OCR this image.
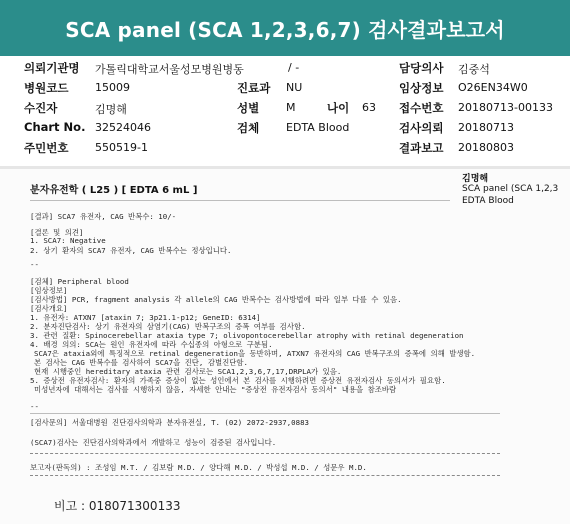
SCA panel (SCA 1,2,3,6,7) 검사결과보고서
의뢰기관명 가톨릭대학교서울성모병원병동	/ -	담당의사 김중석
병원코드 15009	진료과 NU	임상정보 O26EN34W0
수진자	김명해	성별 M	나이 63 접수번호 20180713-00133
Chart No. 32524046	검체 EDTA Blood	검사의뢰 20180713
주민번호 550519-1	결과보고 20180803
분자유전학 ( L25 ) [ EDTA 6 mL ]
김명해
SCA panel (SCA 1,2,3
EDTA Blood
[결과] SCA7 유전자, CAG 반복수: 10/-
[결론 및 의견]
1. SCA7: Negative
2. 상기 환자의 SCA7 유전자, CAG 반복수는 정상입니다.
--
[검체] Peripheral blood
[임상정보]
[검사방법] PCR, fragment analysis 각 allele의 CAG 반복수는 검사방법에 따라 일부 다를 수 있음.
[검사개요]
1. 유전자: ATXN7 [ataxin 7; 3p21.1-p12; GeneID: 6314]
2. 분자진단검사: 상기 유전자의 삼염기(CAG) 반복구조의 증폭 여부를 검사함.
3. 관련 질환: Spinocerebellar ataxia type 7; olivopontocerebellar atrophy with retinal degeneration
4. 배경 의의: SCA는 원인 유전자에 따라 수십종의 아형으로 구분됨.
SCA7은 ataxia외에 특징적으로 retinal degeneration을 동반하며, ATXN7 유전자의 CAG 반복구조의 증폭에 의해 발생함.
본 검사는 CAG 반복수를 검사하여 SCA7을 진단, 감별진단함.
현재 시행중인 hereditary ataxia 관련 검사로는 SCA1,2,3,6,7,17,DRPLA가 있음.
5. 증상전 유전자검사: 환자의 가족중 증상이 없는 성인에서 본 검사를 시행하려면 증상전 유전자검사 동의서가 필요함.
미성년자에 대해서는 검사를 시행하지 않음, 자세한 안내는 "증상전 유전자검사 동의서" 내용을 참조바람
--
[검사문의] 서울대병원 진단검사의학과 분자유전실, T. (02) 2072-2937,0883
(SCA7)검사는 진단검사의학과에서 개발하고 성능이 검증된 검사입니다.
보고자(판독의) : 조성임 M.T. / 김보람 M.D. / 양다해 M.D. / 박성섭 M.D. / 성문우 M.D.
비고 : 018071300133
